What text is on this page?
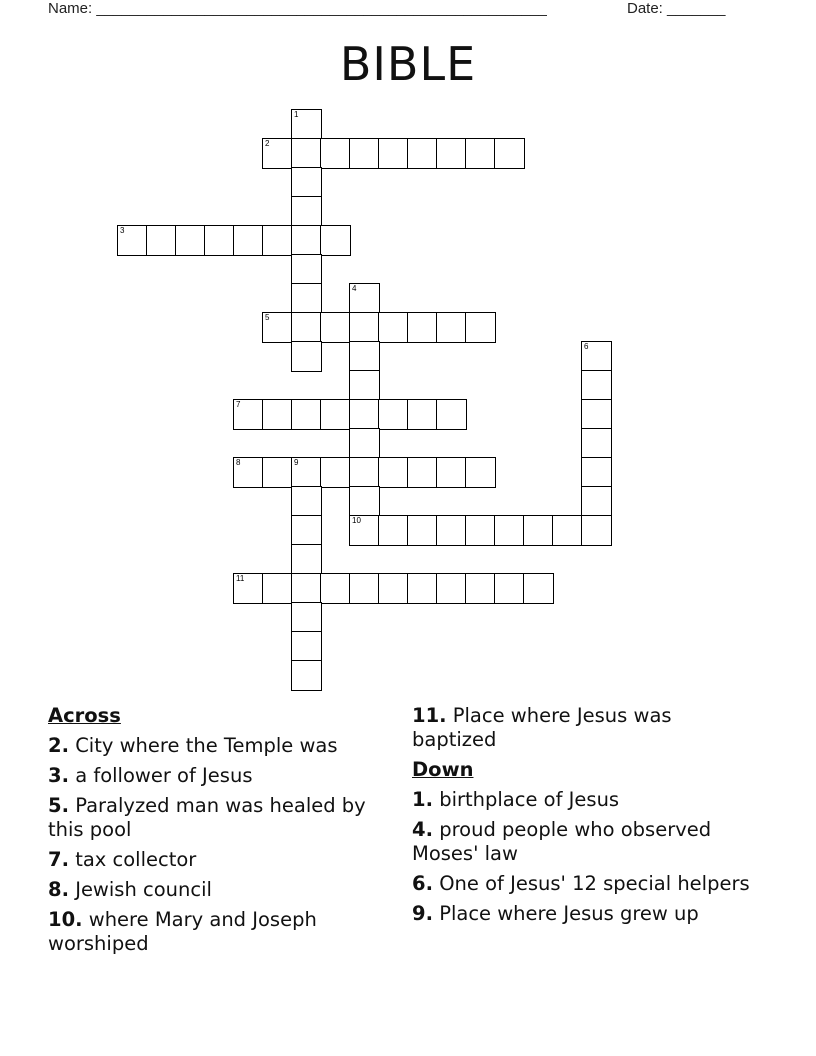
Name: ______________________________________________________	Date: _______
BIBLE
1
2
3
4
5
6
7
8	9
10
11
Across
2. City where the Temple was
3. a follower of Jesus
5. Paralyzed man was healed by this pool
7. tax collector
8. Jewish council
10. where Mary and Joseph worshiped
11. Place where Jesus was baptized
Down
1. birthplace of Jesus
4. proud people who observed Moses' law
6. One of Jesus' 12 special helpers
9. Place where Jesus grew up
